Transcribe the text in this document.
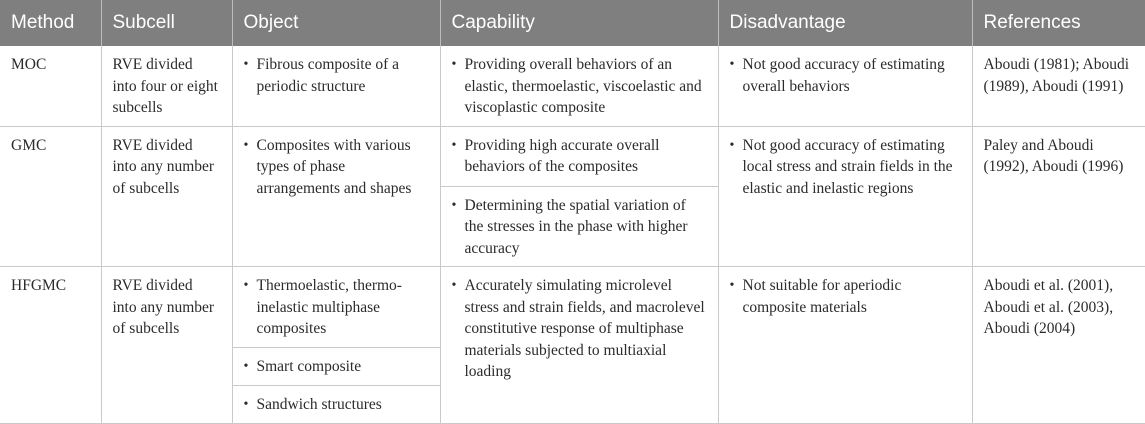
Method	Subcell	Object	Capability	Disadvantage	References
MOC	RVE divided into four or eight subcells	• Fibrous composite of a periodic structure	• Providing overall behaviors of an elastic, thermoelastic, viscoelastic and viscoplastic composite	• Not good accuracy of estimating overall behaviors	Aboudi (1981); Aboudi (1989), Aboudi (1991)
GMC	RVE divided into any number of subcells	• Composites with various types of phase arrangements and shapes	• Providing high accurate overall behaviors of the composites	• Not good accuracy of estimating local stress and strain fields in the elastic and inelastic regions	Paley and Aboudi (1992), Aboudi (1996)

			• Determining the spatial variation of the stresses in the phase with higher accuracy		

HFGMC	RVE divided into any number of subcells	• Thermoelastic, thermo-inelastic multiphase composites	• Accurately simulating microlevel stress and strain fields, and macrolevel constitutive response of multiphase materials subjected to multiaxial loading	• Not suitable for aperiodic composite materials	Aboudi et al. (2001), Aboudi et al. (2003), Aboudi (2004)

		• Smart composite			

		• Sandwich structures			
